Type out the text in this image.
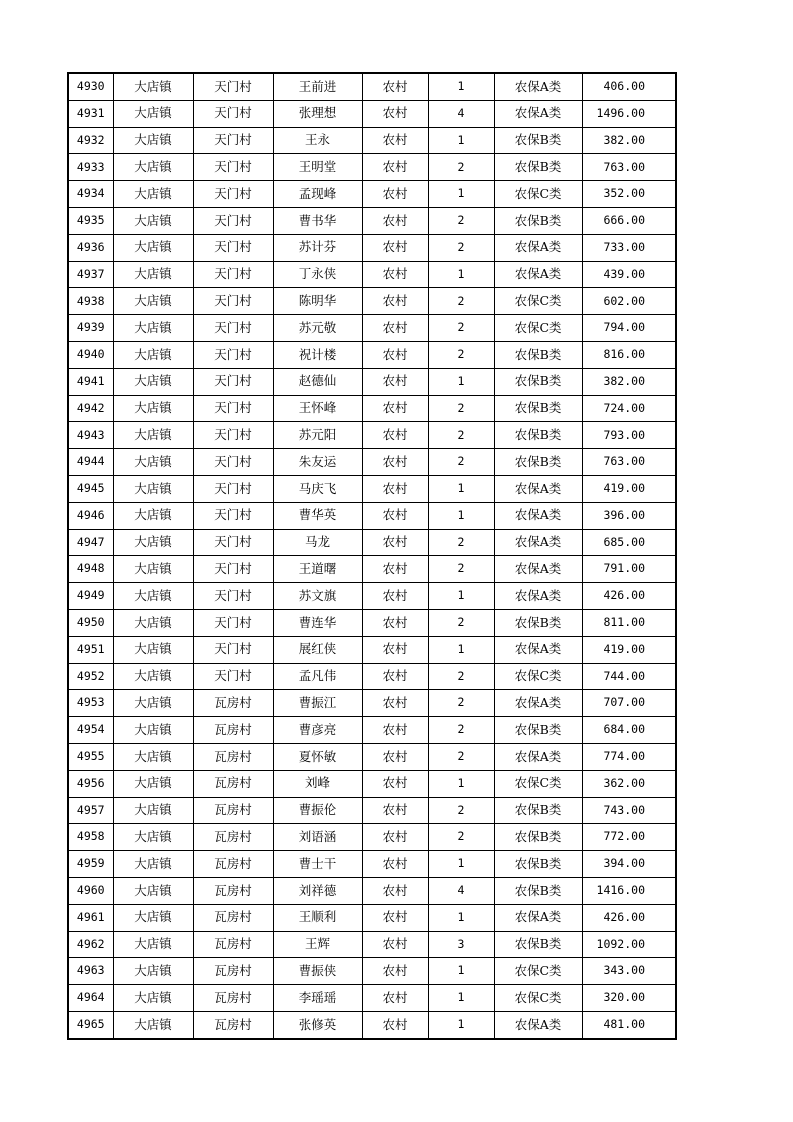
4930	大店镇	天门村	王前进	农村	1	农保A类	406.00
4931	大店镇	天门村	张理想	农村	4	农保A类	1496.00
4932	大店镇	天门村	王永	农村	1	农保B类	382.00
4933	大店镇	天门村	王明堂	农村	2	农保B类	763.00
4934	大店镇	天门村	孟现峰	农村	1	农保C类	352.00
4935	大店镇	天门村	曹书华	农村	2	农保B类	666.00
4936	大店镇	天门村	苏计芬	农村	2	农保A类	733.00
4937	大店镇	天门村	丁永侠	农村	1	农保A类	439.00
4938	大店镇	天门村	陈明华	农村	2	农保C类	602.00
4939	大店镇	天门村	苏元敬	农村	2	农保C类	794.00
4940	大店镇	天门村	祝计楼	农村	2	农保B类	816.00
4941	大店镇	天门村	赵德仙	农村	1	农保B类	382.00
4942	大店镇	天门村	王怀峰	农村	2	农保B类	724.00
4943	大店镇	天门村	苏元阳	农村	2	农保B类	793.00
4944	大店镇	天门村	朱友运	农村	2	农保B类	763.00
4945	大店镇	天门村	马庆飞	农村	1	农保A类	419.00
4946	大店镇	天门村	曹华英	农村	1	农保A类	396.00
4947	大店镇	天门村	马龙	农村	2	农保A类	685.00
4948	大店镇	天门村	王道曙	农村	2	农保A类	791.00
4949	大店镇	天门村	苏文旗	农村	1	农保A类	426.00
4950	大店镇	天门村	曹连华	农村	2	农保B类	811.00
4951	大店镇	天门村	展红侠	农村	1	农保A类	419.00
4952	大店镇	天门村	孟凡伟	农村	2	农保C类	744.00
4953	大店镇	瓦房村	曹振江	农村	2	农保A类	707.00
4954	大店镇	瓦房村	曹彦亮	农村	2	农保B类	684.00
4955	大店镇	瓦房村	夏怀敏	农村	2	农保A类	774.00
4956	大店镇	瓦房村	刘峰	农村	1	农保C类	362.00
4957	大店镇	瓦房村	曹振伦	农村	2	农保B类	743.00
4958	大店镇	瓦房村	刘语涵	农村	2	农保B类	772.00
4959	大店镇	瓦房村	曹士干	农村	1	农保B类	394.00
4960	大店镇	瓦房村	刘祥德	农村	4	农保B类	1416.00
4961	大店镇	瓦房村	王顺利	农村	1	农保A类	426.00
4962	大店镇	瓦房村	王辉	农村	3	农保B类	1092.00
4963	大店镇	瓦房村	曹振侠	农村	1	农保C类	343.00
4964	大店镇	瓦房村	李瑶瑶	农村	1	农保C类	320.00
4965	大店镇	瓦房村	张修英	农村	1	农保A类	481.00
